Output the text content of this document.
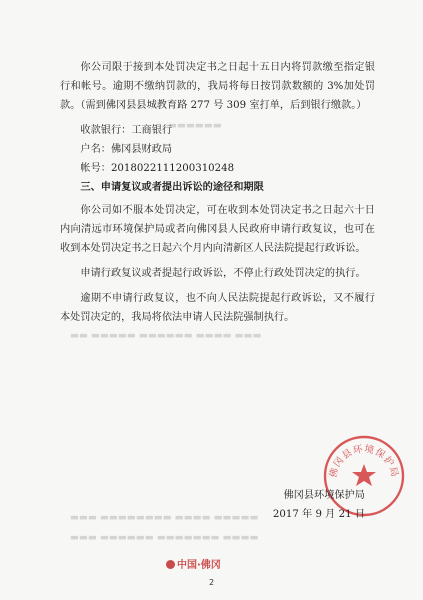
▬▬▬▬▬▬
▬▬ ▬▬▬▬▬ ▬▬▬▬▬▬ ▬▬▬▬ ▬▬▬
▬▬▬ ▬▬▬▬▬▬▬▬ ▬▬▬▬ ▬▬▬▬▬
▬▬▬ ▬▬▬▬▬▬ ▬▬▬▬▬▬▬ ▬▬▬▬

你公司限于接到本处罚决定书之日起十五日内将罚款缴至指定银行和帐号。逾期不缴纳罚款的，我局将每日按罚款数额的 3%加处罚款。（需到佛冈县县城教育路 277 号 309 室打单，后到银行缴款。）

收款银行：工商银行

户名：佛冈县财政局

帐号：2018022111200310248

三、申请复议或者提出诉讼的途径和期限

你公司如不服本处罚决定，可在收到本处罚决定书之日起六十日内向清远市环境保护局或者向佛冈县人民政府申请行政复议，也可在收到本处罚决定书之日起六个月内向清新区人民法院提起行政诉讼。

申请行政复议或者提起行政诉讼，不停止行政处罚决定的执行。

逾期不申请行政复议，也不向人民法院提起行政诉讼，又不履行本处罚决定的，我局将依法申请人民法院强制执行。

佛冈县环境保护局
佛冈县环境保护局
2017 年 9 月 21 日
中国·佛冈
2
